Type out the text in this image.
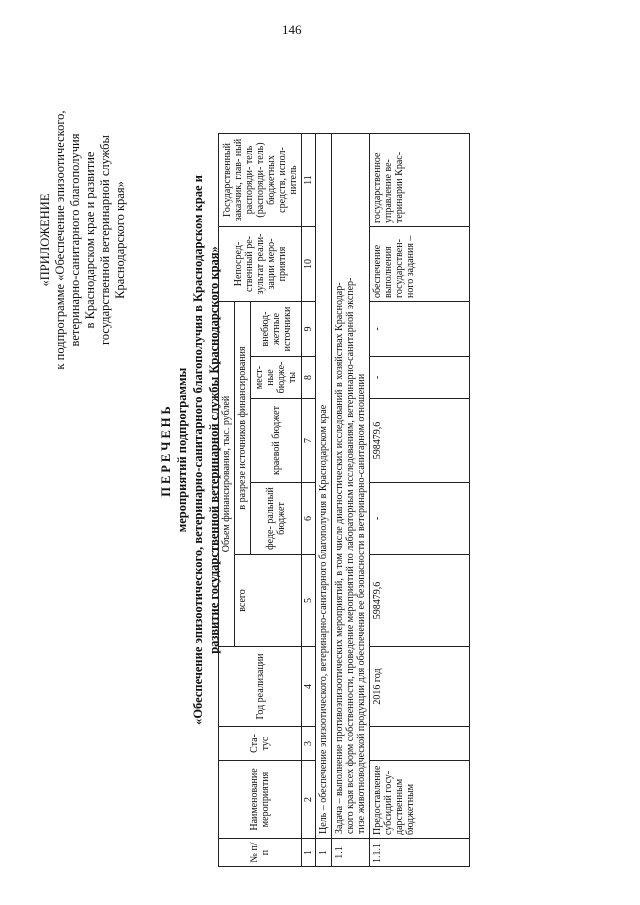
146
«ПРИЛОЖЕНИЕ к подпрограмме «Обеспечение эпизоотического, ветеринарно-санитарного благополучия в Краснодарском крае и развитие государственной ветеринарной службы Краснодарского края»
ПЕРЕЧЕНЬ мероприятий подпрограммы «Обеспечение эпизоотического, ветеринарно-санитарного благополучия в Краснодарском крае и развитие государственной ветеринарной службы Краснодарского края»
№ п/п	Наименование мероприятия	Ста- тус	Год реализации	Объем финансирования, тыс. рублей					Непосред- ственный ре- зультат реали- зации меро- приятия	Государственный заказчик, глав- ный распоряди- тель (распоряди- тель) бюджетных средств, испол- нитель
				всего	в разрезе источников финансирования					
					феде- ральный бюджет	краевой бюджет	мест- ные бюдже- ты	внебюд- жетные источники		
1	2	3	4	5	6	7	8	9	10	11
1	Цель – обеспечение эпизоотического, ветеринарно-санитарного благополучия в Краснодарском крае									
1.1	Задача – выполнение противоэпизоотических мероприятий, в том числе диагностических исследований в хозяйствах Краснодар- ского края всех форм собственности, проведение мероприятий по лабораторным исследованиям, ветеринарно-санитарной экспер- тизе животноводческой продукции для обеспечения ее безопасности в ветеринарно-санитарном отношении									

1.1.1	Предоставление субсидий госу- дарственным бюджетным		2016 год	598479,6	-	598479,6	-	-	обеспечение выполнения государствен- ного задания –	государственное управление ве- теринарии Крас-
